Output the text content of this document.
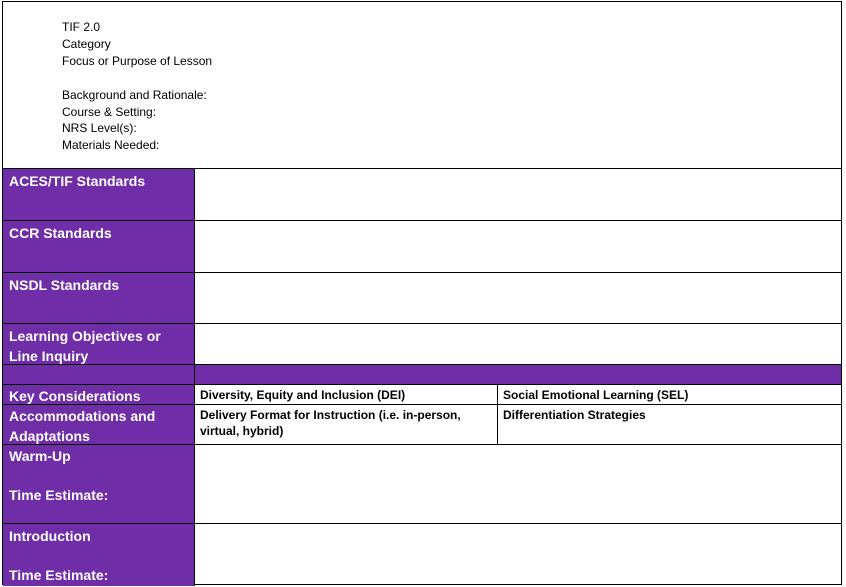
TIF 2.0
Category
Focus or Purpose of Lesson
Background and Rationale:
Course & Setting:
NRS Level(s):
Materials Needed:
ACES/TIF Standards
CCR Standards
NSDL Standards
Learning Objectives or
Line Inquiry
Key Considerations	Diversity, Equity and Inclusion (DEI)	Social Emotional Learning (SEL)
Accommodations and
Adaptations
Delivery Format for Instruction (i.e. in-person,
virtual, hybrid)
Differentiation Strategies
Warm-Up
Time Estimate:
Introduction
Time Estimate:
